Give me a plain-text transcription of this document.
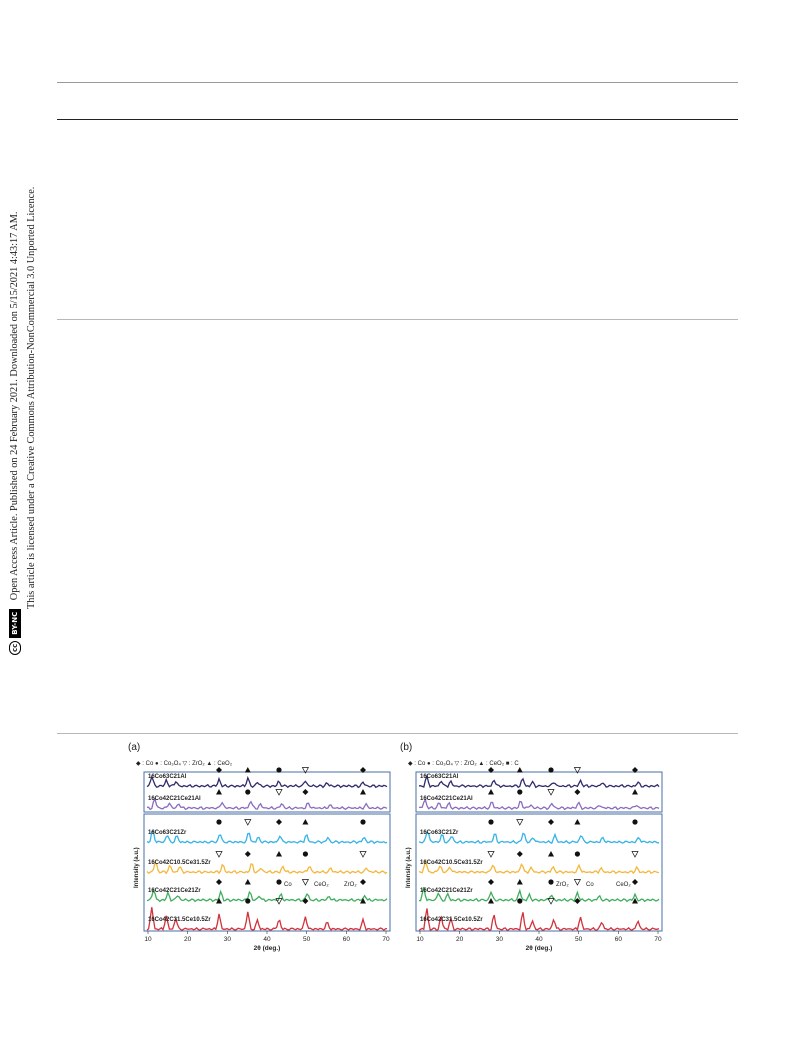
cc
BY-NC
Open Access Article. Published on 24 February 2021. Downloaded on 5/15/2021 4:43:17 AM. This article is licensed under a Creative Commons Attribution-NonCommercial 3.0 Unported Licence.
(a)
◆ : Co ● : Co₃O₄ ▽ : ZrO₂ ▲ : CeO₂
Intensity (a.u.)
10	20	30	40	50	60	70
2θ (deg.)
16Co63C21Al
16Co42C21Ce21Al
16Co63C21Zr
16Co42C10.5Ce31.5Zr
16Co42C21Ce21Zr
16Co42C31.5Ce10.5Zr
Co	CeO₂	ZrO₂
(b)
◆ : Co ● : Co₃O₄ ▽ : ZrO₂ ▲ : CeO₂ ■ : C
Intensity (a.u.)
10	20	30	40	50	60	70
2θ (deg.)
16Co63C21Al
16Co42C21Ce21Al
16Co63C21Zr
16Co42C10.5Ce31.5Zr
16Co42C21Ce21Zr
16Co42C31.5Ce10.5Zr
ZrO₂	Co	CeO₂
